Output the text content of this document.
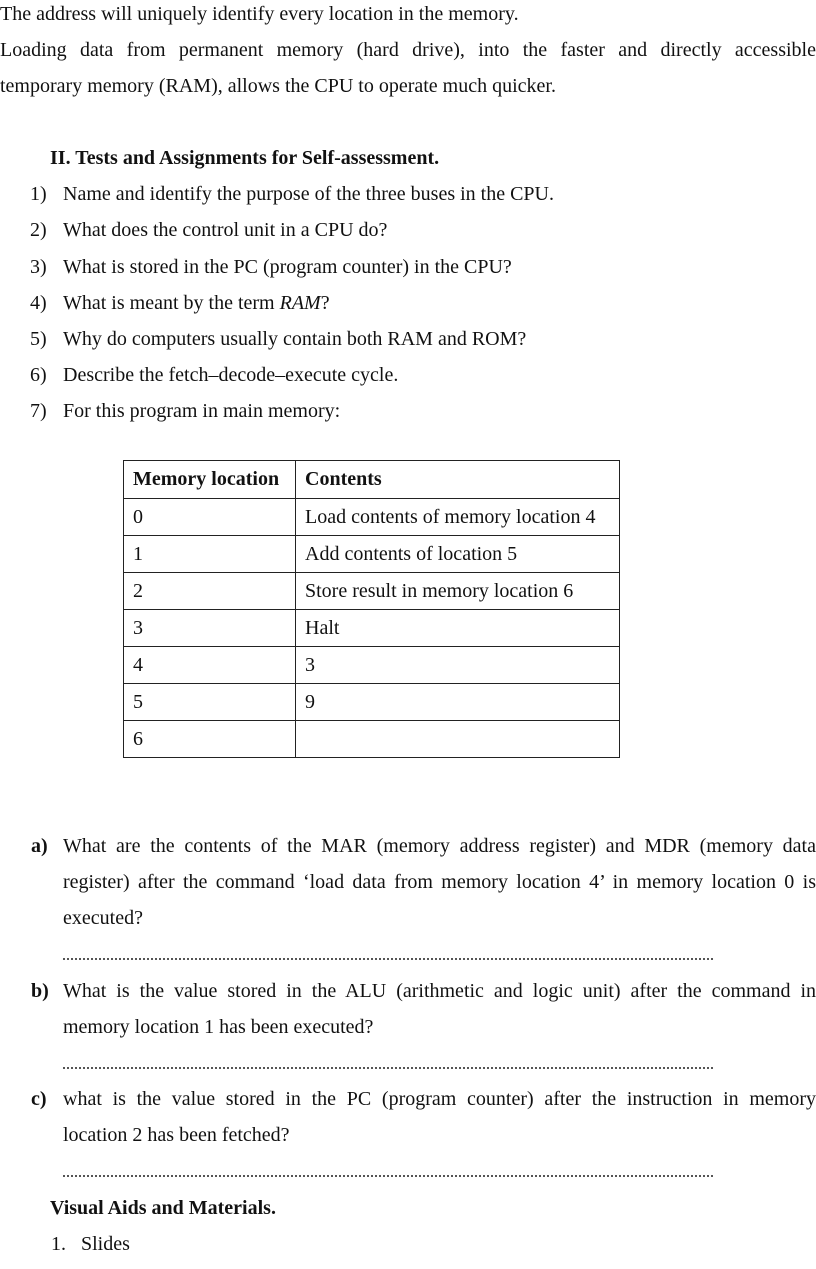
The address will uniquely identify every location in the memory.
Loading data from permanent memory (hard drive), into the faster and directly accessible
temporary memory (RAM), allows the CPU to operate much quicker.
II. Tests and Assignments for Self-assessment.
1) Name and identify the purpose of the three buses in the CPU.
2) What does the control unit in a CPU do?
3) What is stored in the PC (program counter) in the CPU?
4) What is meant by the term RAM?
5) Why do computers usually contain both RAM and ROM?
6) Describe the fetch–decode–execute cycle.
7) For this program in main memory:
Memory location	Contents
0	Load contents of memory location 4
1	Add contents of location 5
2	Store result in memory location 6
3	Halt
4	3
5	9
6	
a) What are the contents of the MAR (memory address register) and MDR (memory data
register) after the command ‘load data from memory location 4’ in memory location 0 is
executed?
b) What is the value stored in the ALU (arithmetic and logic unit) after the command in
memory location 1 has been executed?
c) what is the value stored in the PC (program counter) after the instruction in memory
location 2 has been fetched?
Visual Aids and Materials.
1. Slides
